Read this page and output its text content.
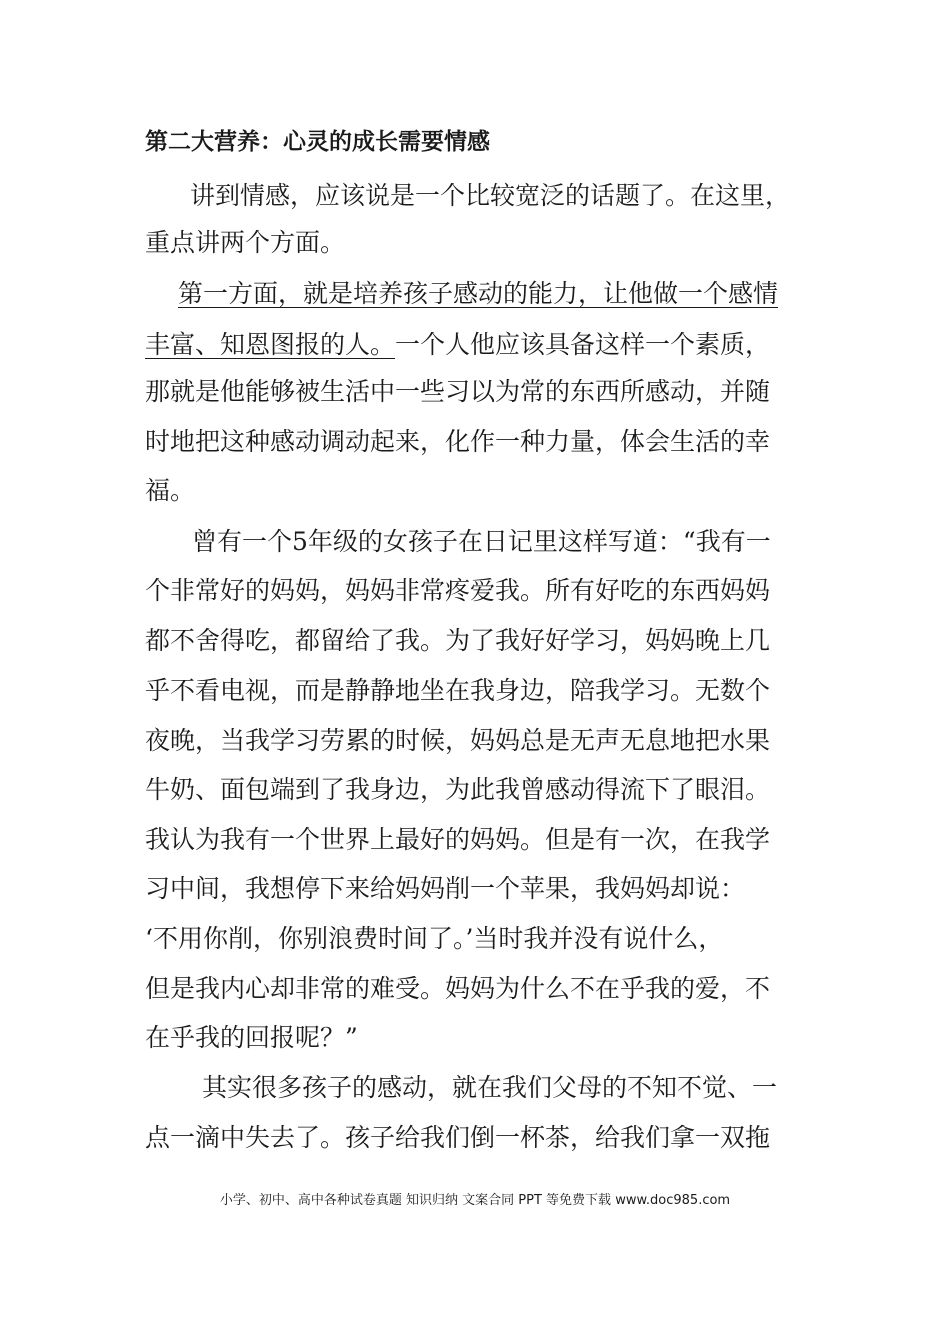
第二大营养：心灵的成长需要情感

讲到情感，应该说是一个比较宽泛的话题了。在这里，

重点讲两个方面。

第一方面，就是培养孩子感动的能力，让他做一个感情

丰富、知恩图报的人。一个人他应该具备这样一个素质，

那就是他能够被生活中一些习以为常的东西所感动，并随

时地把这种感动调动起来，化作一种力量，体会生活的幸

福。

曾有一个5年级的女孩子在日记里这样写道：“我有一

个非常好的妈妈，妈妈非常疼爱我。所有好吃的东西妈妈

都不舍得吃，都留给了我。为了我好好学习，妈妈晚上几

乎不看电视，而是静静地坐在我身边，陪我学习。无数个

夜晚，当我学习劳累的时候，妈妈总是无声无息地把水果

牛奶、面包端到了我身边，为此我曾感动得流下了眼泪。

我认为我有一个世界上最好的妈妈。但是有一次，在我学

习中间，我想停下来给妈妈削一个苹果，我妈妈却说：

‘不用你削，你别浪费时间了。’当时我并没有说什么，

但是我内心却非常的难受。妈妈为什么不在乎我的爱，不

在乎我的回报呢？”

其实很多孩子的感动，就在我们父母的不知不觉、一

点一滴中失去了。孩子给我们倒一杯茶，给我们拿一双拖

小学、初中、高中各种试卷真题 知识归纳 文案合同 PPT 等免费下载 www.doc985.com
